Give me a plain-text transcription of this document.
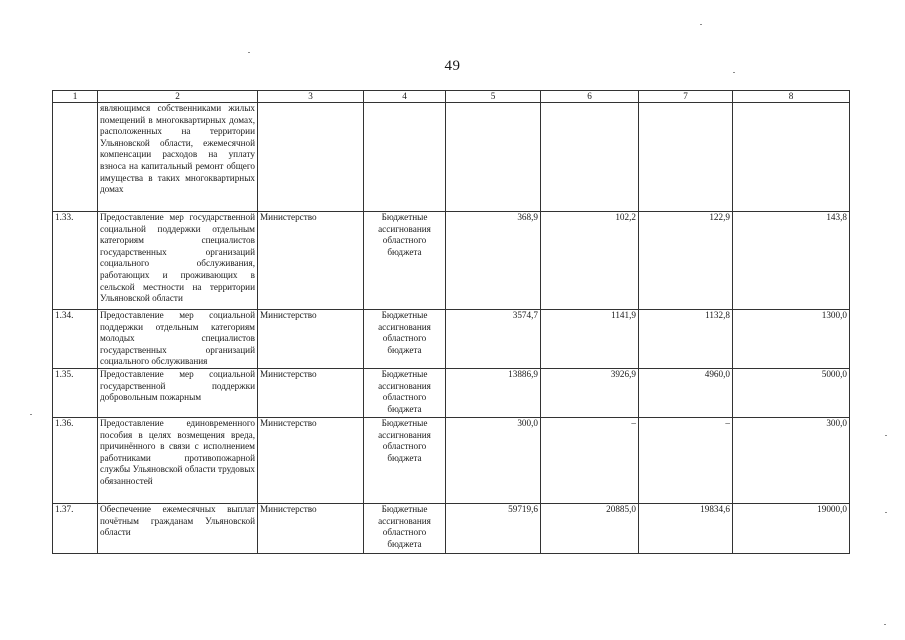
49
1	2	3	4	5	6	7	8
	являющимся собственниками жилых помещений в многоквартирных домах, расположенных на территории Ульяновской области, ежемесячной компенсации расходов на уплату взноса на капитальный ремонт общего имущества в таких многоквартирных домах						
1.33.	Предоставление мер государственной социальной поддержки отдельным категориям специалистов государственных организаций социального обслуживания, работающих и проживающих в сельской местности на территории Ульяновской области	Министерство	Бюджетные ассигнования областного бюджета	368,9	102,2	122,9	143,8
1.34.	Предоставление мер социальной поддержки отдельным категориям молодых специалистов государственных организаций социального обслуживания	Министерство	Бюджетные ассигнования областного бюджета	3574,7	1141,9	1132,8	1300,0
1.35.	Предоставление мер социальной государственной поддержки добровольным пожарным	Министерство	Бюджетные ассигнования областного бюджета	13886,9	3926,9	4960,0	5000,0
1.36.	Предоставление единовременного пособия в целях возмещения вреда, причинённого в связи с исполнением работниками противопожарной службы Ульяновской области трудовых обязанностей	Министерство	Бюджетные ассигнования областного бюджета	300,0	–	–	300,0
1.37.	Обеспечение ежемесячных выплат почётным гражданам Ульяновской области	Министерство	Бюджетные ассигнования областного бюджета	59719,6	20885,0	19834,6	19000,0
